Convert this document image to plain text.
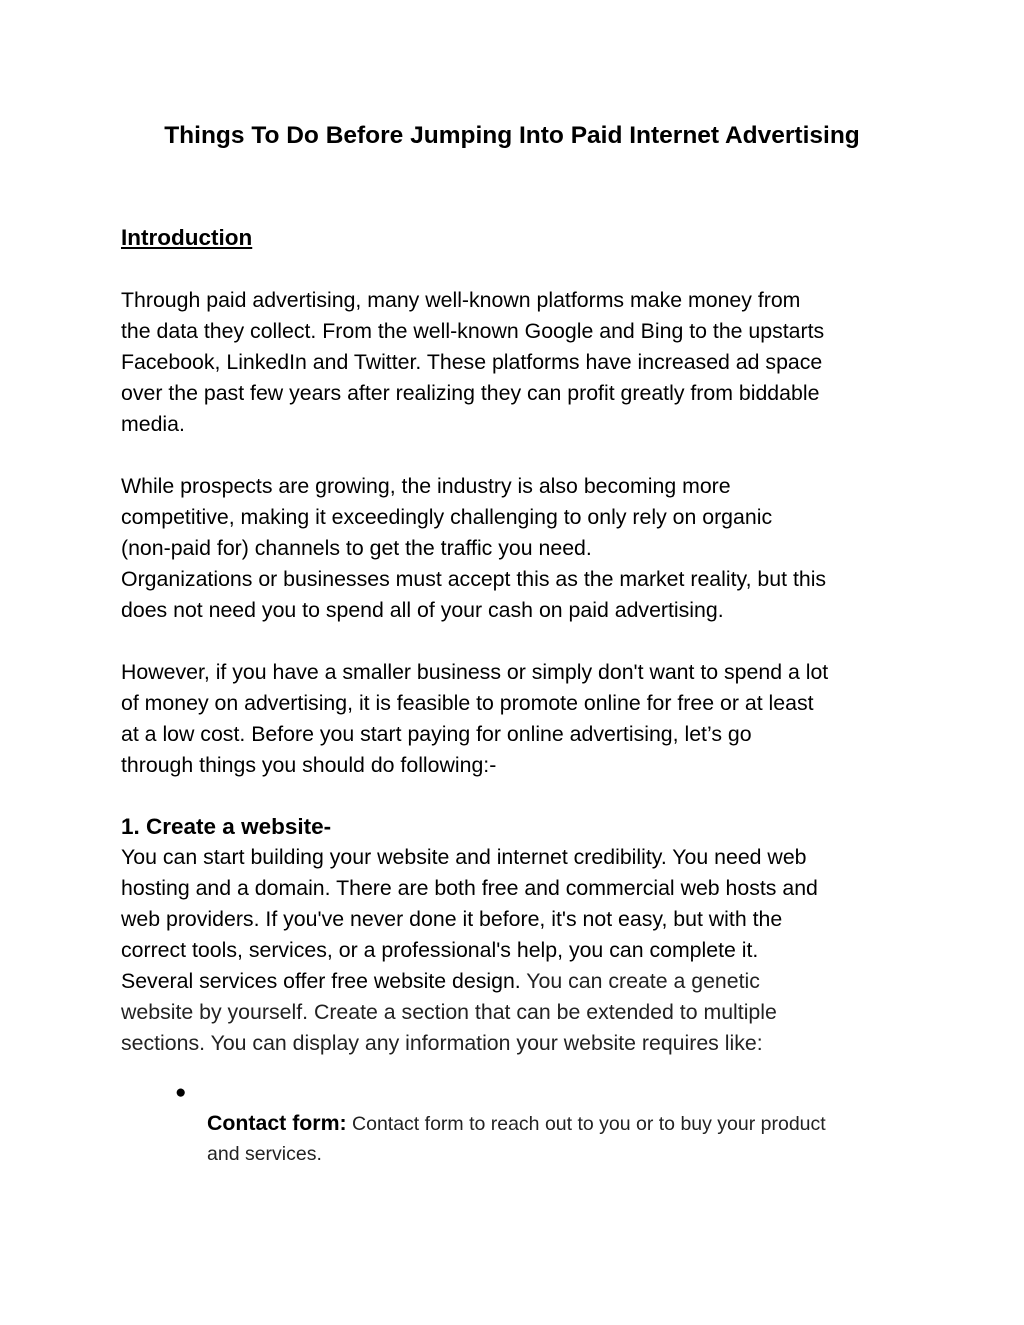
Things To Do Before Jumping Into Paid Internet Advertising
Introduction

Through paid advertising, many well-known platforms make money from
the data they collect. From the well-known Google and Bing to the upstarts
Facebook, LinkedIn and Twitter. These platforms have increased ad space
over the past few years after realizing they can profit greatly from biddable
media.

While prospects are growing, the industry is also becoming more
competitive, making it exceedingly challenging to only rely on organic
(non-paid for) channels to get the traffic you need.
Organizations or businesses must accept this as the market reality, but this
does not need you to spend all of your cash on paid advertising.

However, if you have a smaller business or simply don't want to spend a lot
of money on advertising, it is feasible to promote online for free or at least
at a low cost. Before you start paying for online advertising, let’s go
through things you should do following:-

1. Create a website-

You can start building your website and internet credibility. You need web
hosting and a domain. There are both free and commercial web hosts and
web providers. If you've never done it before, it's not easy, but with the
correct tools, services, or a professional's help, you can complete it.
Several services offer free website design. You can create a genetic
website by yourself. Create a section that can be extended to multiple
sections. You can display any information your website requires like:

●
Contact form: Contact form to reach out to you or to buy your product
and services.
